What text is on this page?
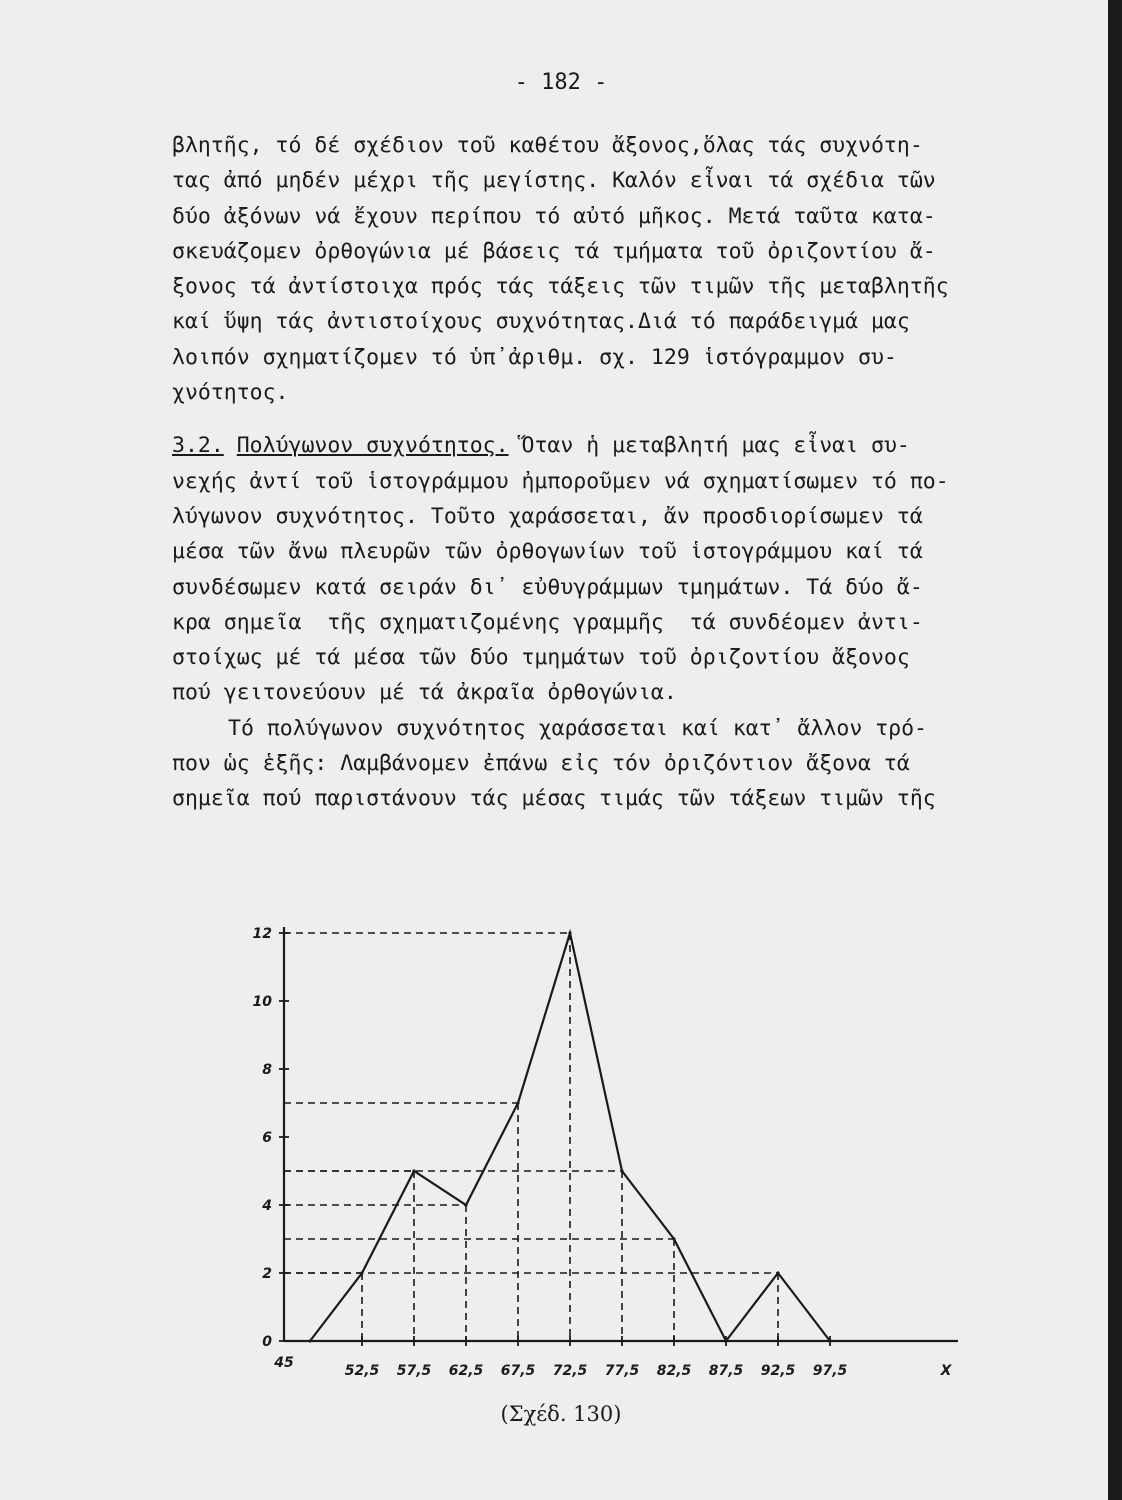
- 182 -
βλητῆς, τό δέ σχέδιον τοῦ καθέτου ἄξονος,ὅλας τάς συχνότη-
τας ἀπό μηδέν μέχρι τῆς μεγίστης. Καλόν εἶναι τά σχέδια τῶν
δύο ἀξόνων νά ἔχουν περίπου τό αὐτό μῆκος. Μετά ταῦτα κατα-
σκευάζομεν ὀρθογώνια μέ βάσεις τά τμήματα τοῦ ὀριζοντίου ἄ-
ξονος τά ἀντίστοιχα πρός τάς τάξεις τῶν τιμῶν τῆς μεταβλητῆς
καί ὕψη τάς ἀντιστοίχους συχνότητας.Διά τό παράδειγμά μας
λοιπόν σχηματίζομεν τό ὑπ᾽ἀριθμ. σχ. 129 ἱστόγραμμον συ-
χνότητος.
3.2. Πολύγωνον συχνότητος. Ὅταν ἡ μεταβλητή μας εἶναι συ-
νεχής ἀντί τοῦ ἱστογράμμου ἠμποροῦμεν νά σχηματίσωμεν τό πο-
λύγωνον συχνότητος. Τοῦτο χαράσσεται, ἄν προσδιορίσωμεν τά
μέσα τῶν ἄνω πλευρῶν τῶν ὀρθογωνίων τοῦ ἱστογράμμου καί τά
συνδέσωμεν κατά σειράν δι᾽ εὐθυγράμμων τμημάτων. Τά δύο ἄ-
κρα σημεῖα  τῆς σχηματιζομένης γραμμῆς  τά συνδέομεν ἀντι-
στοίχως μέ τά μέσα τῶν δύο τμημάτων τοῦ ὀριζοντίου ἄξονος
πού γειτονεύουν μέ τά ἀκραῖα ὀρθογώνια.
Τό πολύγωνον συχνότητος χαράσσεται καί κατ᾽ ἄλλον τρό-
πον ὡς ἑξῆς: Λαμβάνομεν ἐπάνω εἰς τόν ὀριζόντιον ἄξονα τά
σημεῖα πού παριστάνουν τάς μέσας τιμάς τῶν τάξεων τιμῶν τῆς
0
2
4
6
8
10
12
45	52,5 57,5 62,5 67,5 72,5 77,5 82,5 87,5 92,5 97,5	X
(Σχέδ. 130)
